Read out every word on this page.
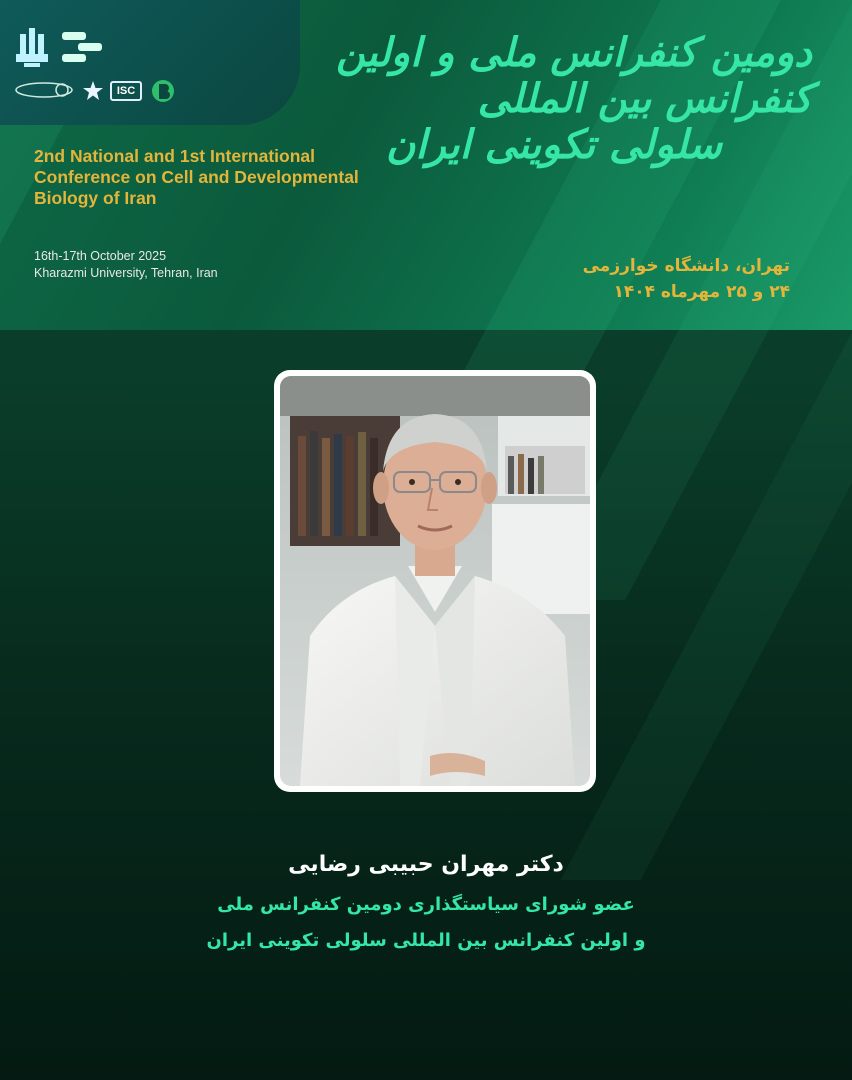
ISC
2nd National and 1st International Conference on Cell and Developmental Biology of Iran
16th-17th October 2025
Kharazmi University, Tehran, Iran
دومین کنفرانس ملی و اولین کنفرانس بین المللی
سلولی تکوینی ایران
تهران، دانشگاه خوارزمی
۲۴ و ۲۵ مهرماه ۱۴۰۴
دکتر مهران حبیبی رضایی
عضو شورای سیاستگذاری دومین کنفرانس ملی
و اولین کنفرانس بین المللی سلولی تکوینی ایران
